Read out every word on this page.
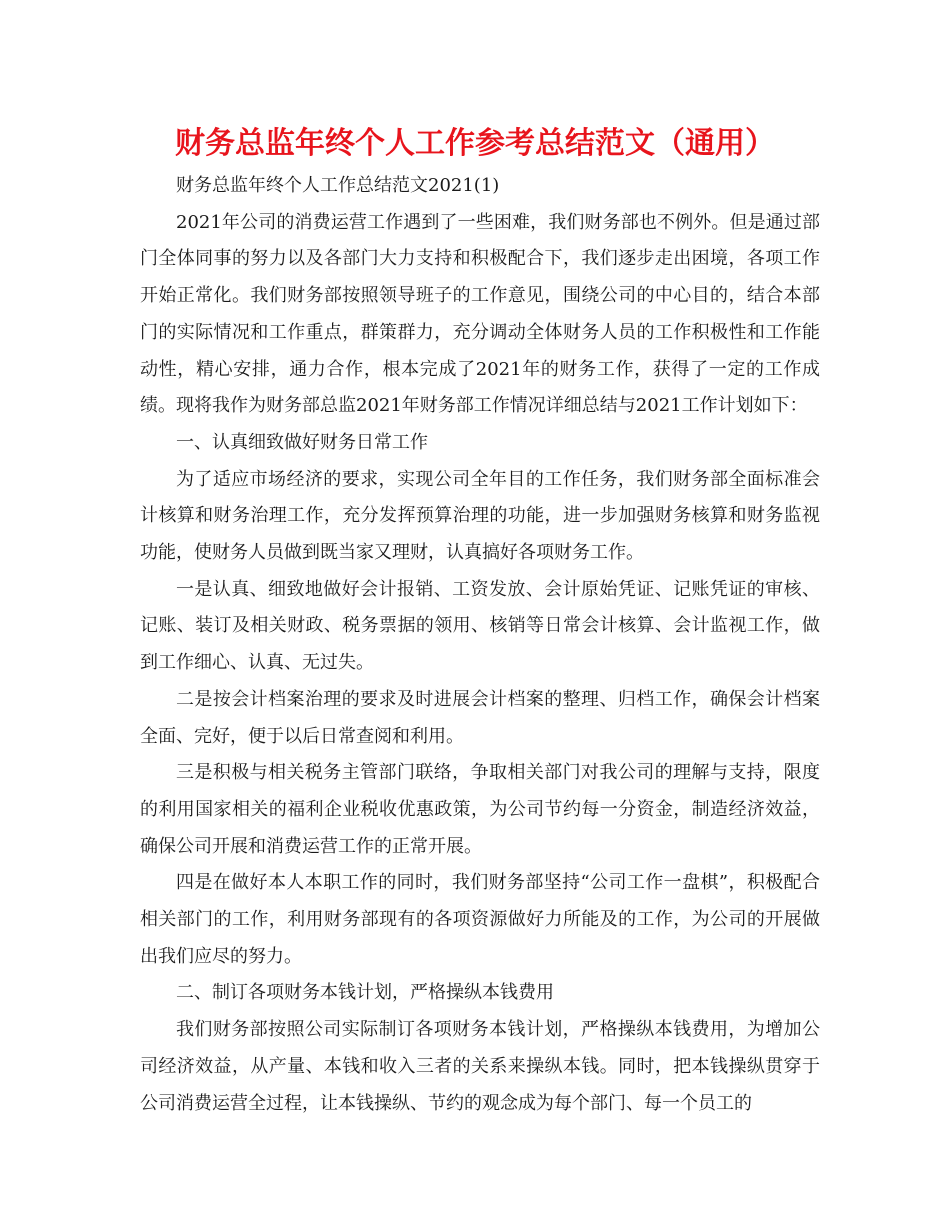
财务总监年终个人工作参考总结范文（通用）

财务总监年终个人工作总结范文2021(1)

2021年公司的消费运营工作遇到了一些困难，我们财务部也不例外。但是通过部门全体同事的努力以及各部门大力支持和积极配合下，我们逐步走出困境，各项工作开始正常化。我们财务部按照领导班子的工作意见，围绕公司的中心目的，结合本部门的实际情况和工作重点，群策群力，充分调动全体财务人员的工作积极性和工作能动性，精心安排，通力合作，根本完成了2021年的财务工作，获得了一定的工作成绩。现将我作为财务部总监2021年财务部工作情况详细总结与2021工作计划如下：

一、认真细致做好财务日常工作

为了适应市场经济的要求，实现公司全年目的工作任务，我们财务部全面标准会计核算和财务治理工作，充分发挥预算治理的功能，进一步加强财务核算和财务监视功能，使财务人员做到既当家又理财，认真搞好各项财务工作。

一是认真、细致地做好会计报销、工资发放、会计原始凭证、记账凭证的审核、记账、装订及相关财政、税务票据的领用、核销等日常会计核算、会计监视工作，做到工作细心、认真、无过失。

二是按会计档案治理的要求及时进展会计档案的整理、归档工作，确保会计档案全面、完好，便于以后日常查阅和利用。

三是积极与相关税务主管部门联络，争取相关部门对我公司的理解与支持，限度的利用国家相关的福利企业税收优惠政策，为公司节约每一分资金，制造经济效益，确保公司开展和消费运营工作的正常开展。

四是在做好本人本职工作的同时，我们财务部坚持“公司工作一盘棋”，积极配合相关部门的工作，利用财务部现有的各项资源做好力所能及的工作，为公司的开展做出我们应尽的努力。

二、制订各项财务本钱计划，严格操纵本钱费用

我们财务部按照公司实际制订各项财务本钱计划，严格操纵本钱费用，为增加公司经济效益，从产量、本钱和收入三者的关系来操纵本钱。同时，把本钱操纵贯穿于公司消费运营全过程，让本钱操纵、节约的观念成为每个部门、每一个员工的
